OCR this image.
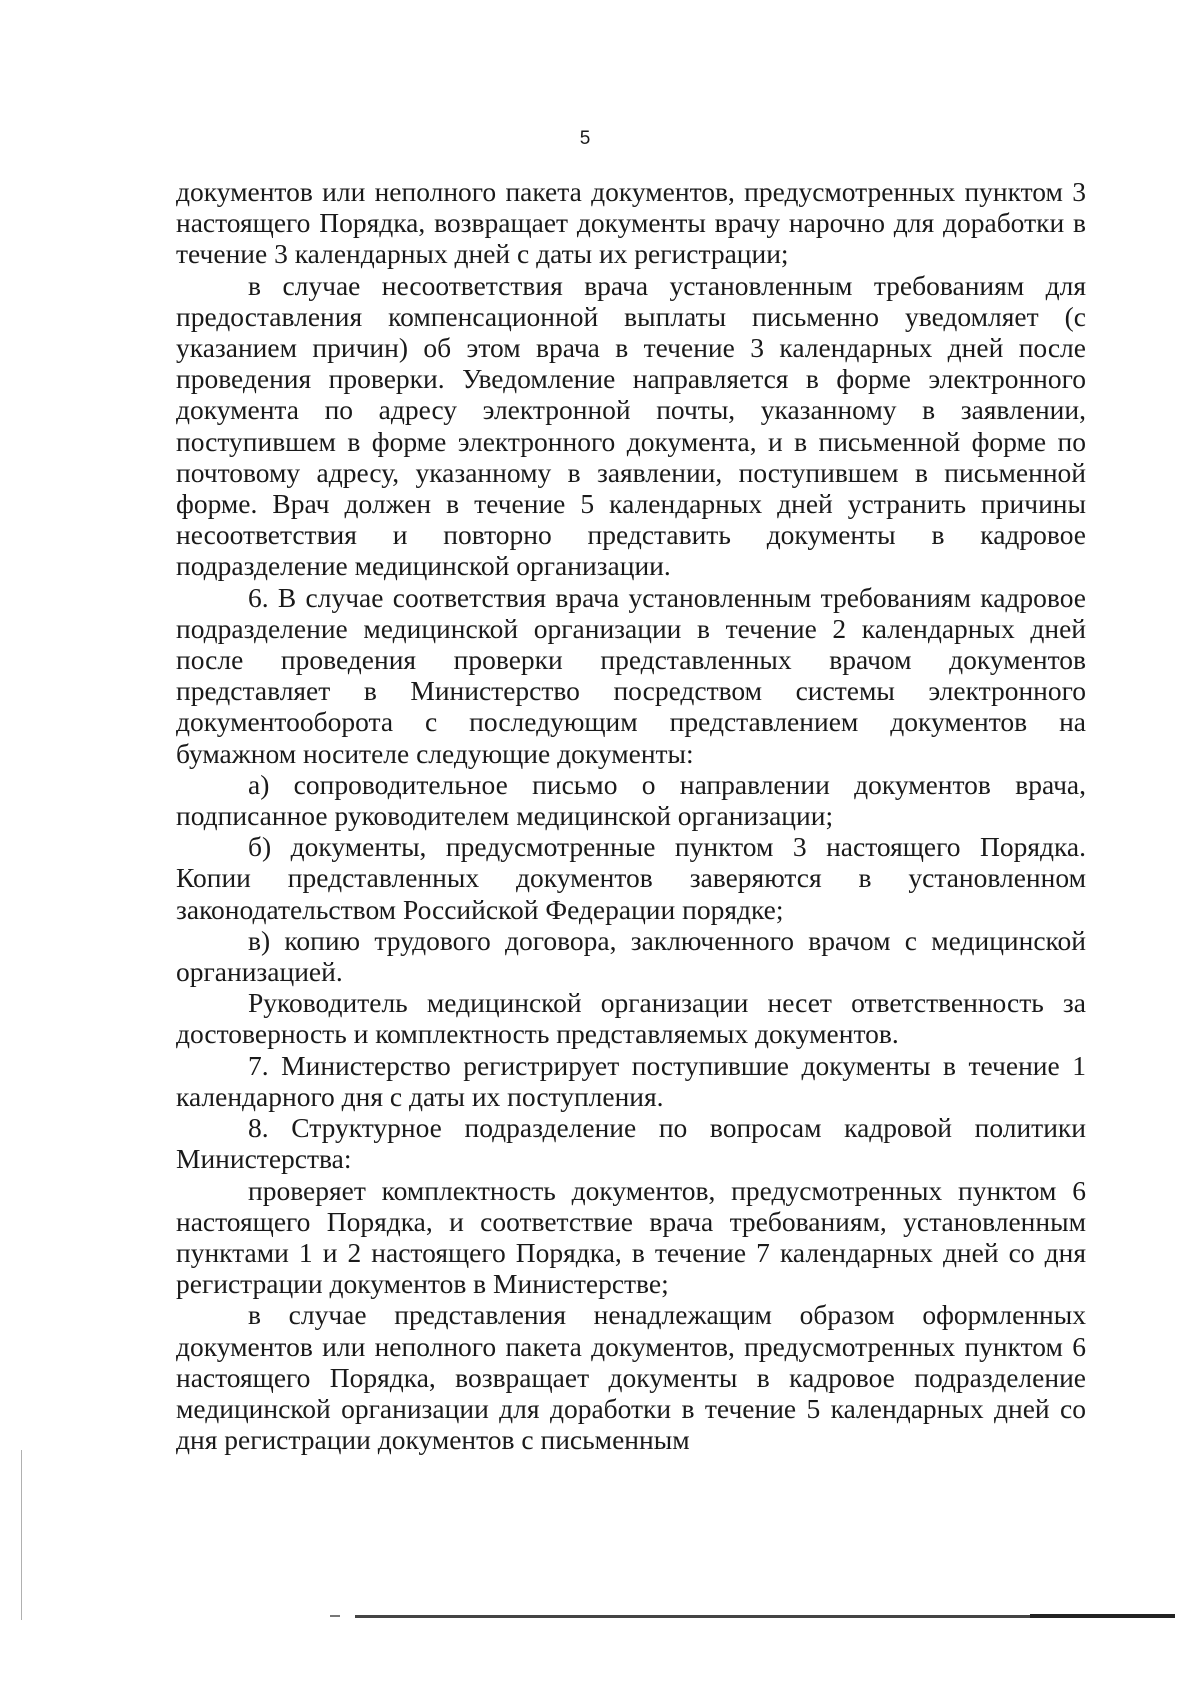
5

документов или неполного пакета документов, предусмотренных пунктом 3 настоящего Порядка, возвращает документы врачу нарочно для доработки в течение 3 календарных дней с даты их регистрации;

в случае несоответствия врача установленным требованиям для предоставления компенсационной выплаты письменно уведомляет (с указанием причин) об этом врача в течение 3 календарных дней после проведения проверки. Уведомление направляется в форме электронного документа по адресу электронной почты, указанному в заявлении, поступившем в форме электронного документа, и в письменной форме по почтовому адресу, указанному в заявлении, поступившем в письменной форме. Врач должен в течение 5 календарных дней устранить причины несоответствия и повторно представить документы в кадровое подразделение медицинской организации.

6. В случае соответствия врача установленным требованиям кадровое подразделение медицинской организации в течение 2 календарных дней после проведения проверки представленных врачом документов представляет в Министерство посредством системы электронного документооборота с последующим представлением документов на бумажном носителе следующие документы:

а) сопроводительное письмо о направлении документов врача, подписанное руководителем медицинской организации;

б) документы, предусмотренные пунктом 3 настоящего Порядка. Копии представленных документов заверяются в установленном законодательством Российской Федерации порядке;

в) копию трудового договора, заключенного врачом с медицинской организацией.

Руководитель медицинской организации несет ответственность за достоверность и комплектность представляемых документов.

7. Министерство регистрирует поступившие документы в течение 1 календарного дня с даты их поступления.

8. Структурное подразделение по вопросам кадровой политики Министерства:

проверяет комплектность документов, предусмотренных пунктом 6 настоящего Порядка, и соответствие врача требованиям, установленным пунктами 1 и 2 настоящего Порядка, в течение 7 календарных дней со дня регистрации документов в Министерстве;

в случае представления ненадлежащим образом оформленных документов или неполного пакета документов, предусмотренных пунктом 6 настоящего Порядка, возвращает документы в кадровое подразделение медицинской организации для доработки в течение 5 календарных дней со дня регистрации документов с письменным
